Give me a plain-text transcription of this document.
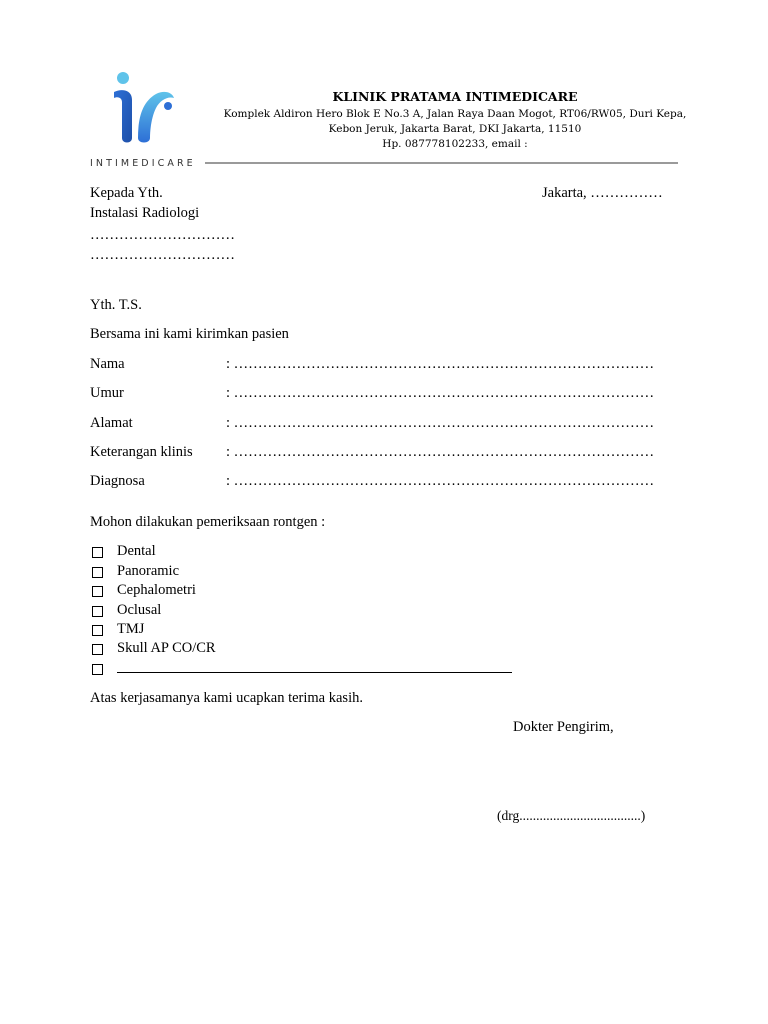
INTIMEDICARE
KLINIK PRATAMA INTIMEDICARE
Komplek Aldiron Hero Blok E No.3 A, Jalan Raya Daan Mogot, RT06/RW05, Duri Kepa,
Kebon Jeruk, Jakarta Barat, DKI Jakarta, 11510
Hp. 087778102233, email :
Kepada Yth.
Instalasi Radiologi
…………………………
…………………………
Jakarta, ……………
Yth. T.S.
Bersama ini kami kirimkan pasien
Nama	: ……………………………………………………………………………
Umur	: ……………………………………………………………………………
Alamat	: ……………………………………………………………………………
Keterangan klinis : ……………………………………………………………………………
Diagnosa	: ……………………………………………………………………………
Mohon dilakukan pemeriksaan rontgen :
Dental
Panoramic
Cephalometri
Oclusal
TMJ
Skull AP CO/CR
Atas kerjasamanya kami ucapkan terima kasih.
Dokter Pengirim,
(drg....................................)
